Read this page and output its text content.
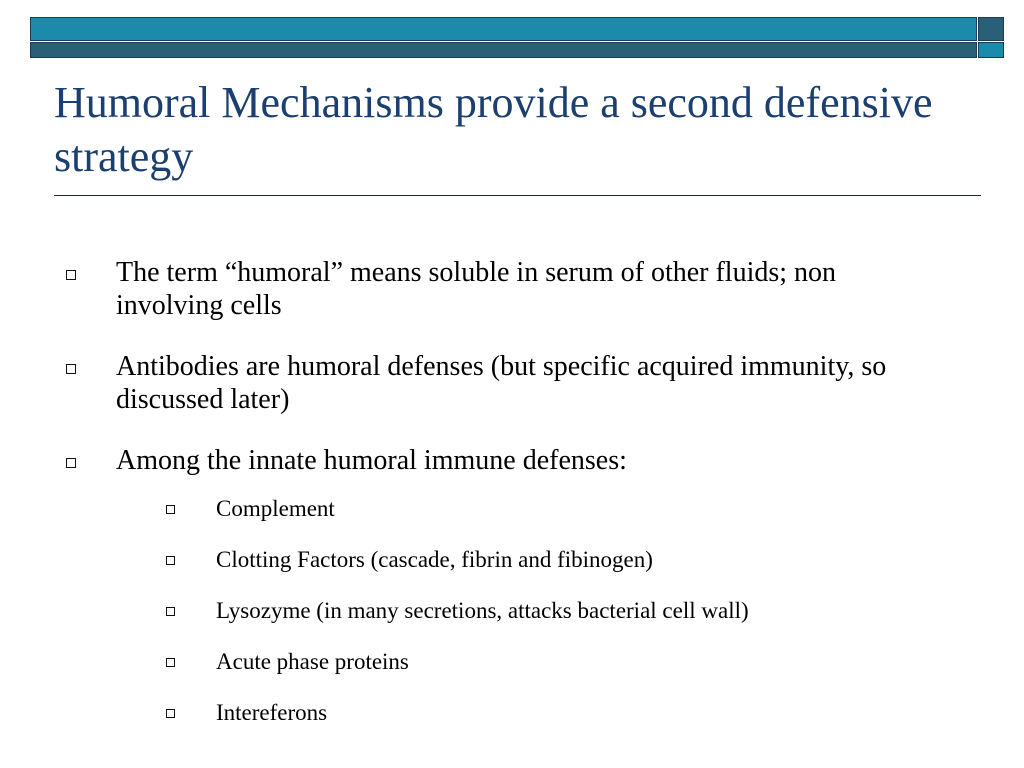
Humoral Mechanisms provide a second defensive strategy
The term “humoral” means soluble in serum of other fluids; non involving cells
Antibodies are humoral defenses (but specific acquired immunity, so discussed later)
Among the innate humoral immune defenses:
Complement
Clotting Factors (cascade, fibrin and fibinogen)
Lysozyme (in many secretions, attacks bacterial cell wall)
Acute phase proteins
Intereferons
